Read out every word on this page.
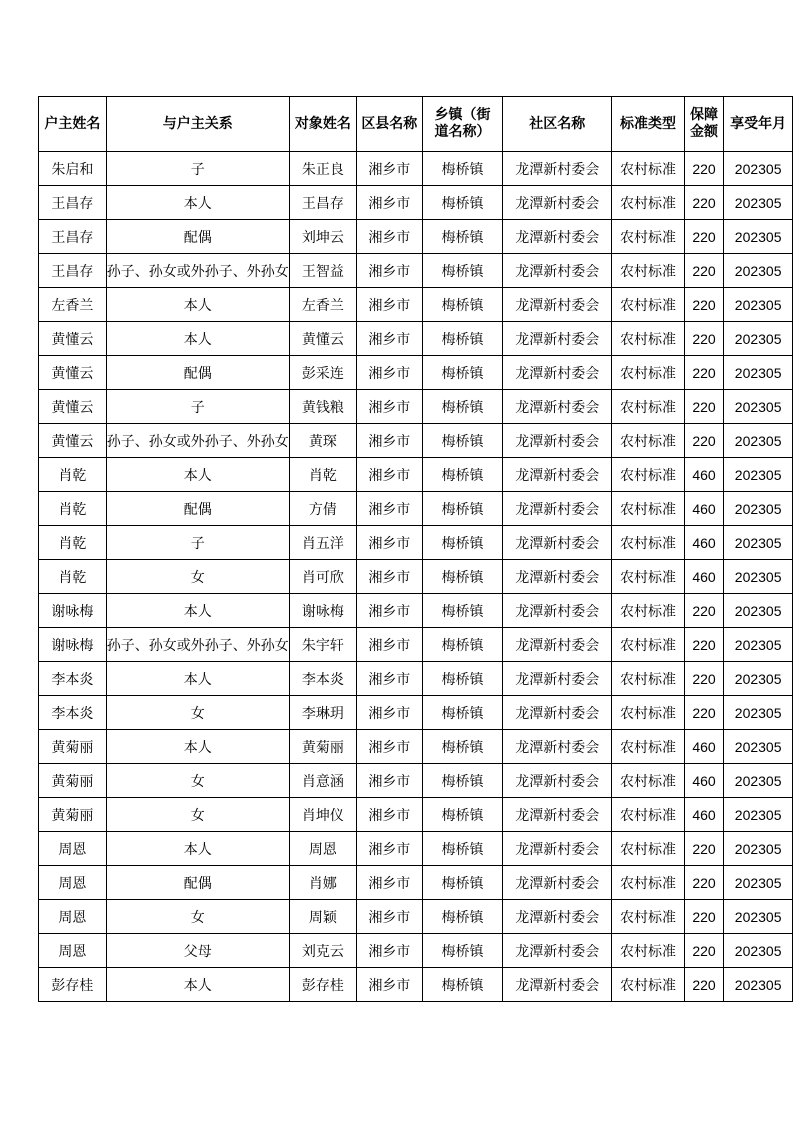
户主姓名	与户主关系	对象姓名	区县名称	乡镇（街道名称）	社区名称	标准类型	保障金额	享受年月
朱启和	子	朱正良	湘乡市	梅桥镇	龙潭新村委会	农村标准	220	202305
王昌存	本人	王昌存	湘乡市	梅桥镇	龙潭新村委会	农村标准	220	202305
王昌存	配偶	刘坤云	湘乡市	梅桥镇	龙潭新村委会	农村标准	220	202305
王昌存	孙子、孙女或外孙子、外孙女	王智益	湘乡市	梅桥镇	龙潭新村委会	农村标准	220	202305
左香兰	本人	左香兰	湘乡市	梅桥镇	龙潭新村委会	农村标准	220	202305
黄懂云	本人	黄懂云	湘乡市	梅桥镇	龙潭新村委会	农村标准	220	202305
黄懂云	配偶	彭采连	湘乡市	梅桥镇	龙潭新村委会	农村标准	220	202305
黄懂云	子	黄钱粮	湘乡市	梅桥镇	龙潭新村委会	农村标准	220	202305
黄懂云	孙子、孙女或外孙子、外孙女	黄琛	湘乡市	梅桥镇	龙潭新村委会	农村标准	220	202305
肖乾	本人	肖乾	湘乡市	梅桥镇	龙潭新村委会	农村标准	460	202305
肖乾	配偶	方倩	湘乡市	梅桥镇	龙潭新村委会	农村标准	460	202305
肖乾	子	肖五洋	湘乡市	梅桥镇	龙潭新村委会	农村标准	460	202305
肖乾	女	肖可欣	湘乡市	梅桥镇	龙潭新村委会	农村标准	460	202305
谢咏梅	本人	谢咏梅	湘乡市	梅桥镇	龙潭新村委会	农村标准	220	202305
谢咏梅	孙子、孙女或外孙子、外孙女	朱宇轩	湘乡市	梅桥镇	龙潭新村委会	农村标准	220	202305
李本炎	本人	李本炎	湘乡市	梅桥镇	龙潭新村委会	农村标准	220	202305
李本炎	女	李琳玥	湘乡市	梅桥镇	龙潭新村委会	农村标准	220	202305
黄菊丽	本人	黄菊丽	湘乡市	梅桥镇	龙潭新村委会	农村标准	460	202305
黄菊丽	女	肖意涵	湘乡市	梅桥镇	龙潭新村委会	农村标准	460	202305
黄菊丽	女	肖坤仪	湘乡市	梅桥镇	龙潭新村委会	农村标准	460	202305
周恩	本人	周恩	湘乡市	梅桥镇	龙潭新村委会	农村标准	220	202305
周恩	配偶	肖娜	湘乡市	梅桥镇	龙潭新村委会	农村标准	220	202305
周恩	女	周颖	湘乡市	梅桥镇	龙潭新村委会	农村标准	220	202305
周恩	父母	刘克云	湘乡市	梅桥镇	龙潭新村委会	农村标准	220	202305
彭存桂	本人	彭存桂	湘乡市	梅桥镇	龙潭新村委会	农村标准	220	202305
